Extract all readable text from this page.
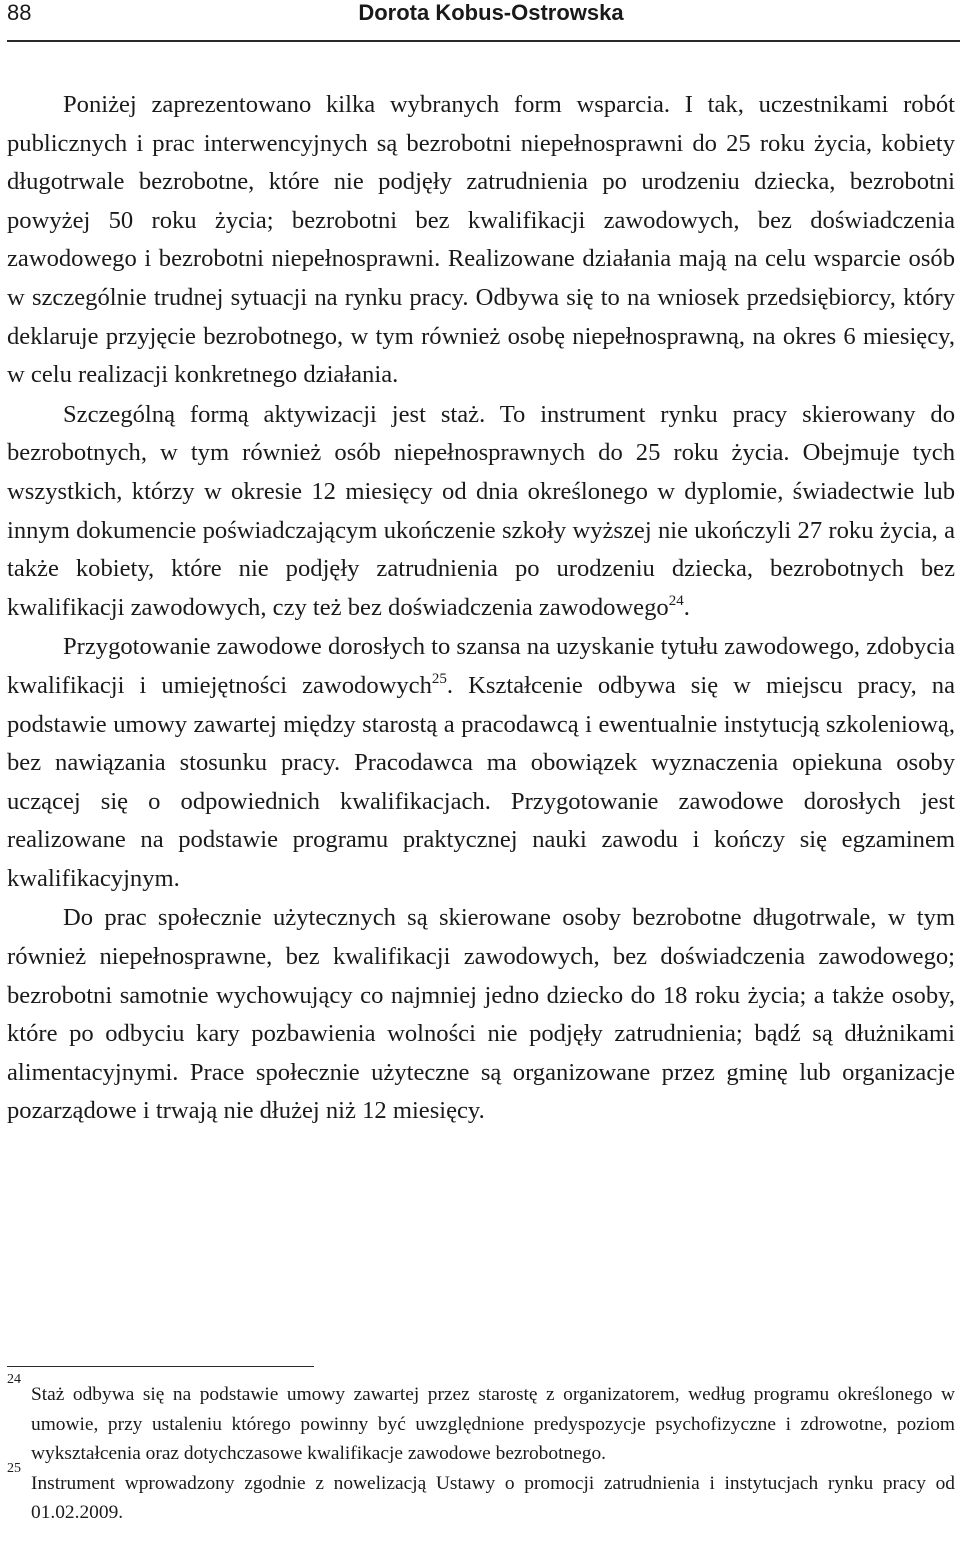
88	Dorota Kobus-Ostrowska

Poniżej zaprezentowano kilka wybranych form wsparcia. I tak, uczestnikami robót publicznych i prac interwencyjnych są bezrobotni niepełnosprawni do 25 roku życia, kobiety długotrwale bezrobotne, które nie podjęły zatrudnienia po urodzeniu dziecka, bezrobotni powyżej 50 roku życia; bezrobotni bez kwalifikacji zawodowych, bez doświadczenia zawodowego i bezrobotni niepełnosprawni. Realizowane działania mają na celu wsparcie osób w szczególnie trudnej sytuacji na rynku pracy. Odbywa się to na wniosek przedsiębiorcy, który deklaruje przyjęcie bezrobotnego, w tym również osobę niepełnosprawną, na okres 6 miesięcy, w celu realizacji konkretnego działania.

Szczególną formą aktywizacji jest staż. To instrument rynku pracy skierowany do bezrobotnych, w tym również osób niepełnosprawnych do 25 roku życia. Obejmuje tych wszystkich, którzy w okresie 12 miesięcy od dnia określonego w dyplomie, świadectwie lub innym dokumencie poświadczającym ukończenie szkoły wyższej nie ukończyli 27 roku życia, a także kobiety, które nie podjęły zatrudnienia po urodzeniu dziecka, bezrobotnych bez kwalifikacji zawodowych, czy też bez doświadczenia zawodowego$^{24}$.

Przygotowanie zawodowe dorosłych to szansa na uzyskanie tytułu zawodowego, zdobycia kwalifikacji i umiejętności zawodowych$^{25}$. Kształcenie odbywa się w miejscu pracy, na podstawie umowy zawartej między starostą a pracodawcą i ewentualnie instytucją szkoleniową, bez nawiązania stosunku pracy. Pracodawca ma obowiązek wyznaczenia opiekuna osoby uczącej się o odpowiednich kwalifikacjach. Przygotowanie zawodowe dorosłych jest realizowane na podstawie programu praktycznej nauki zawodu i kończy się egzaminem kwalifikacyjnym.

Do prac społecznie użytecznych są skierowane osoby bezrobotne długotrwale, w tym również niepełnosprawne, bez kwalifikacji zawodowych, bez doświadczenia zawodowego; bezrobotni samotnie wychowujący co najmniej jedno dziecko do 18 roku życia; a także osoby, które po odbyciu kary pozbawienia wolności nie podjęły zatrudnienia; bądź są dłużnikami alimentacyjnymi. Prace społecznie użyteczne są organizowane przez gminę lub organizacje pozarządowe i trwają nie dłużej niż 12 miesięcy.

24
Staż odbywa się na podstawie umowy zawartej przez starostę z organizatorem, według programu określonego w umowie, przy ustaleniu którego powinny być uwzględnione predyspozycje psychofizyczne i zdrowotne, poziom wykształcenia oraz dotychczasowe kwalifikacje zawodowe bezrobotnego.

25
Instrument wprowadzony zgodnie z nowelizacją Ustawy o promocji zatrudnienia i instytucjach rynku pracy od 01.02.2009.
